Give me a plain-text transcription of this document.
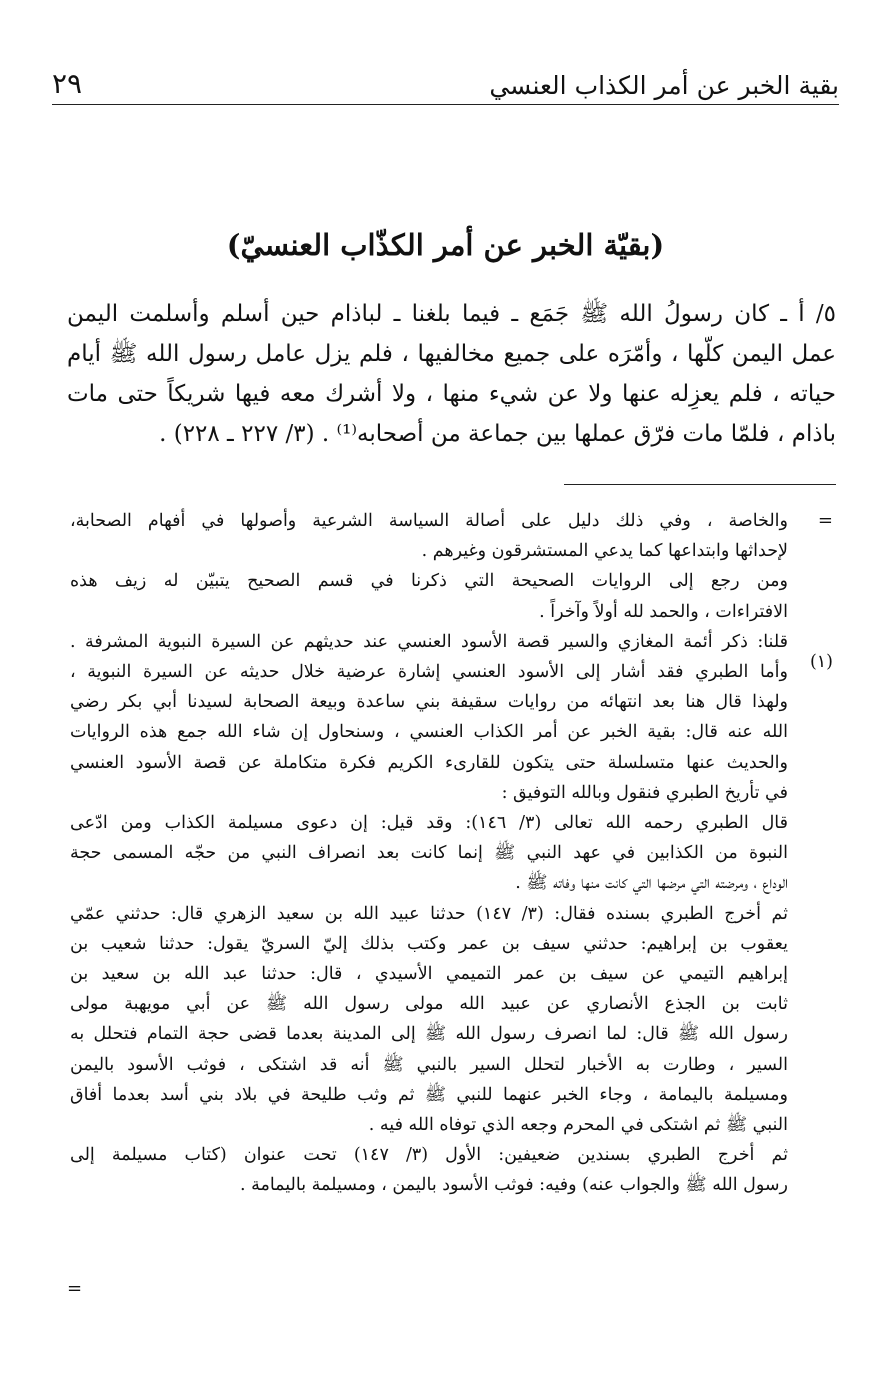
بقية الخبر عن أمر الكذاب العنسي
٢٩
(بقيّة الخبر عن أمر الكذّاب العنسيّ)
٥/ أ ـ كان رسولُ الله ﷺ جَمَع ـ فيما بلغنا ـ لباذام حين أسلم وأسلمت اليمن
عمل اليمن كلّها ، وأمّرَه على جميع مخالفيها ، فلم يزل عامل رسول الله ﷺ أيام
حياته ، فلم يعزِله عنها ولا عن شيء منها ، ولا أشرك معه فيها شريكاً حتى مات
باذام ، فلمّا مات فرّق عملها بين جماعة من أصحابه⁽¹⁾ . (٣/ ٢٢٧ ـ ٢٢٨) .
=
(١)
=
والخاصة ، وفي ذلك دليل على أصالة السياسة الشرعية وأصولها في أفهام الصحابة،
لإحداثها وابتداعها كما يدعي المستشرقون وغيرهم .
ومن رجع إلى الروايات الصحيحة التي ذكرنا في قسم الصحيح يتبيّن له زيف هذه
الافتراءات ، والحمد لله أولاً وآخراً .
قلنا: ذكر أئمة المغازي والسير قصة الأسود العنسي عند حديثهم عن السيرة النبوية المشرفة .
وأما الطبري فقد أشار إلى الأسود العنسي إشارة عرضية خلال حديثه عن السيرة النبوية ،
ولهذا قال هنا بعد انتهائه من روايات سقيفة بني ساعدة وبيعة الصحابة لسيدنا أبي بكر رضي
الله عنه قال: بقية الخبر عن أمر الكذاب العنسي ، وسنحاول إن شاء الله جمع هذه الروايات
والحديث عنها متسلسلة حتى يتكون للقارىء الكريم فكرة متكاملة عن قصة الأسود العنسي
في تأريخ الطبري فنقول وبالله التوفيق :
قال الطبري رحمه الله تعالى (٣/ ١٤٦): وقد قيل: إن دعوى مسيلمة الكذاب ومن ادّعى
النبوة من الكذابين في عهد النبي ﷺ إنما كانت بعد انصراف النبي من حجّه المسمى حجة
الوداع ، ومرضته التي مرضها التي كانت منها وفاته ﷺ .
ثم أخرج الطبري بسنده فقال: (٣/ ١٤٧) حدثنا عبيد الله بن سعيد الزهري قال: حدثني عمّي
يعقوب بن إبراهيم: حدثني سيف بن عمر وكتب بذلك إليّ السريّ يقول: حدثنا شعيب بن
إبراهيم التيمي عن سيف بن عمر التميمي الأسيدي ، قال: حدثنا عبد الله بن سعيد بن
ثابت بن الجذع الأنصاري عن عبيد الله مولى رسول الله ﷺ عن أبي مويهبة مولى
رسول الله ﷺ قال: لما انصرف رسول الله ﷺ إلى المدينة بعدما قضى حجة التمام فتحلل به
السير ، وطارت به الأخبار لتحلل السير بالنبي ﷺ أنه قد اشتكى ، فوثب الأسود باليمن
ومسيلمة باليمامة ، وجاء الخبر عنهما للنبي ﷺ ثم وثب طليحة في بلاد بني أسد بعدما أفاق
النبي ﷺ ثم اشتكى في المحرم وجعه الذي توفاه الله فيه .
ثم أخرج الطبري بسندين ضعيفين: الأول (٣/ ١٤٧) تحت عنوان (كتاب مسيلمة إلى
رسول الله ﷺ والجواب عنه) وفيه: فوثب الأسود باليمن ، ومسيلمة باليمامة .
